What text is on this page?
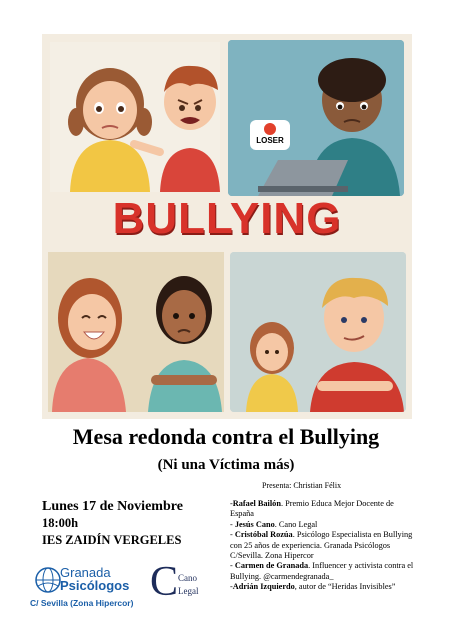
LOSER
BULLYING
Mesa redonda contra el Bullying
(Ni una Víctima más)
Presenta: Christian Félix
Lunes 17 de Noviembre
18:00h
IES ZAIDÍN VERGELES

-Rafael Bailón. Premio Educa Mejor Docente de España

- Jesús Cano. Cano Legal

- Cristóbal Rozúa. Psicólogo Especialista en Bullying con 25 años de experiencia. Granada Psicólogos C/Sevilla. Zona Hipercor

- Carmen de Granada. Influencer y activista contra el Bullying. @carmendegranada_

-Adrián Izquierdo, autor de “Heridas Invisibles”

Granada
Psicólogos
C/ Sevilla (Zona Hipercor) C Cano
Legal
